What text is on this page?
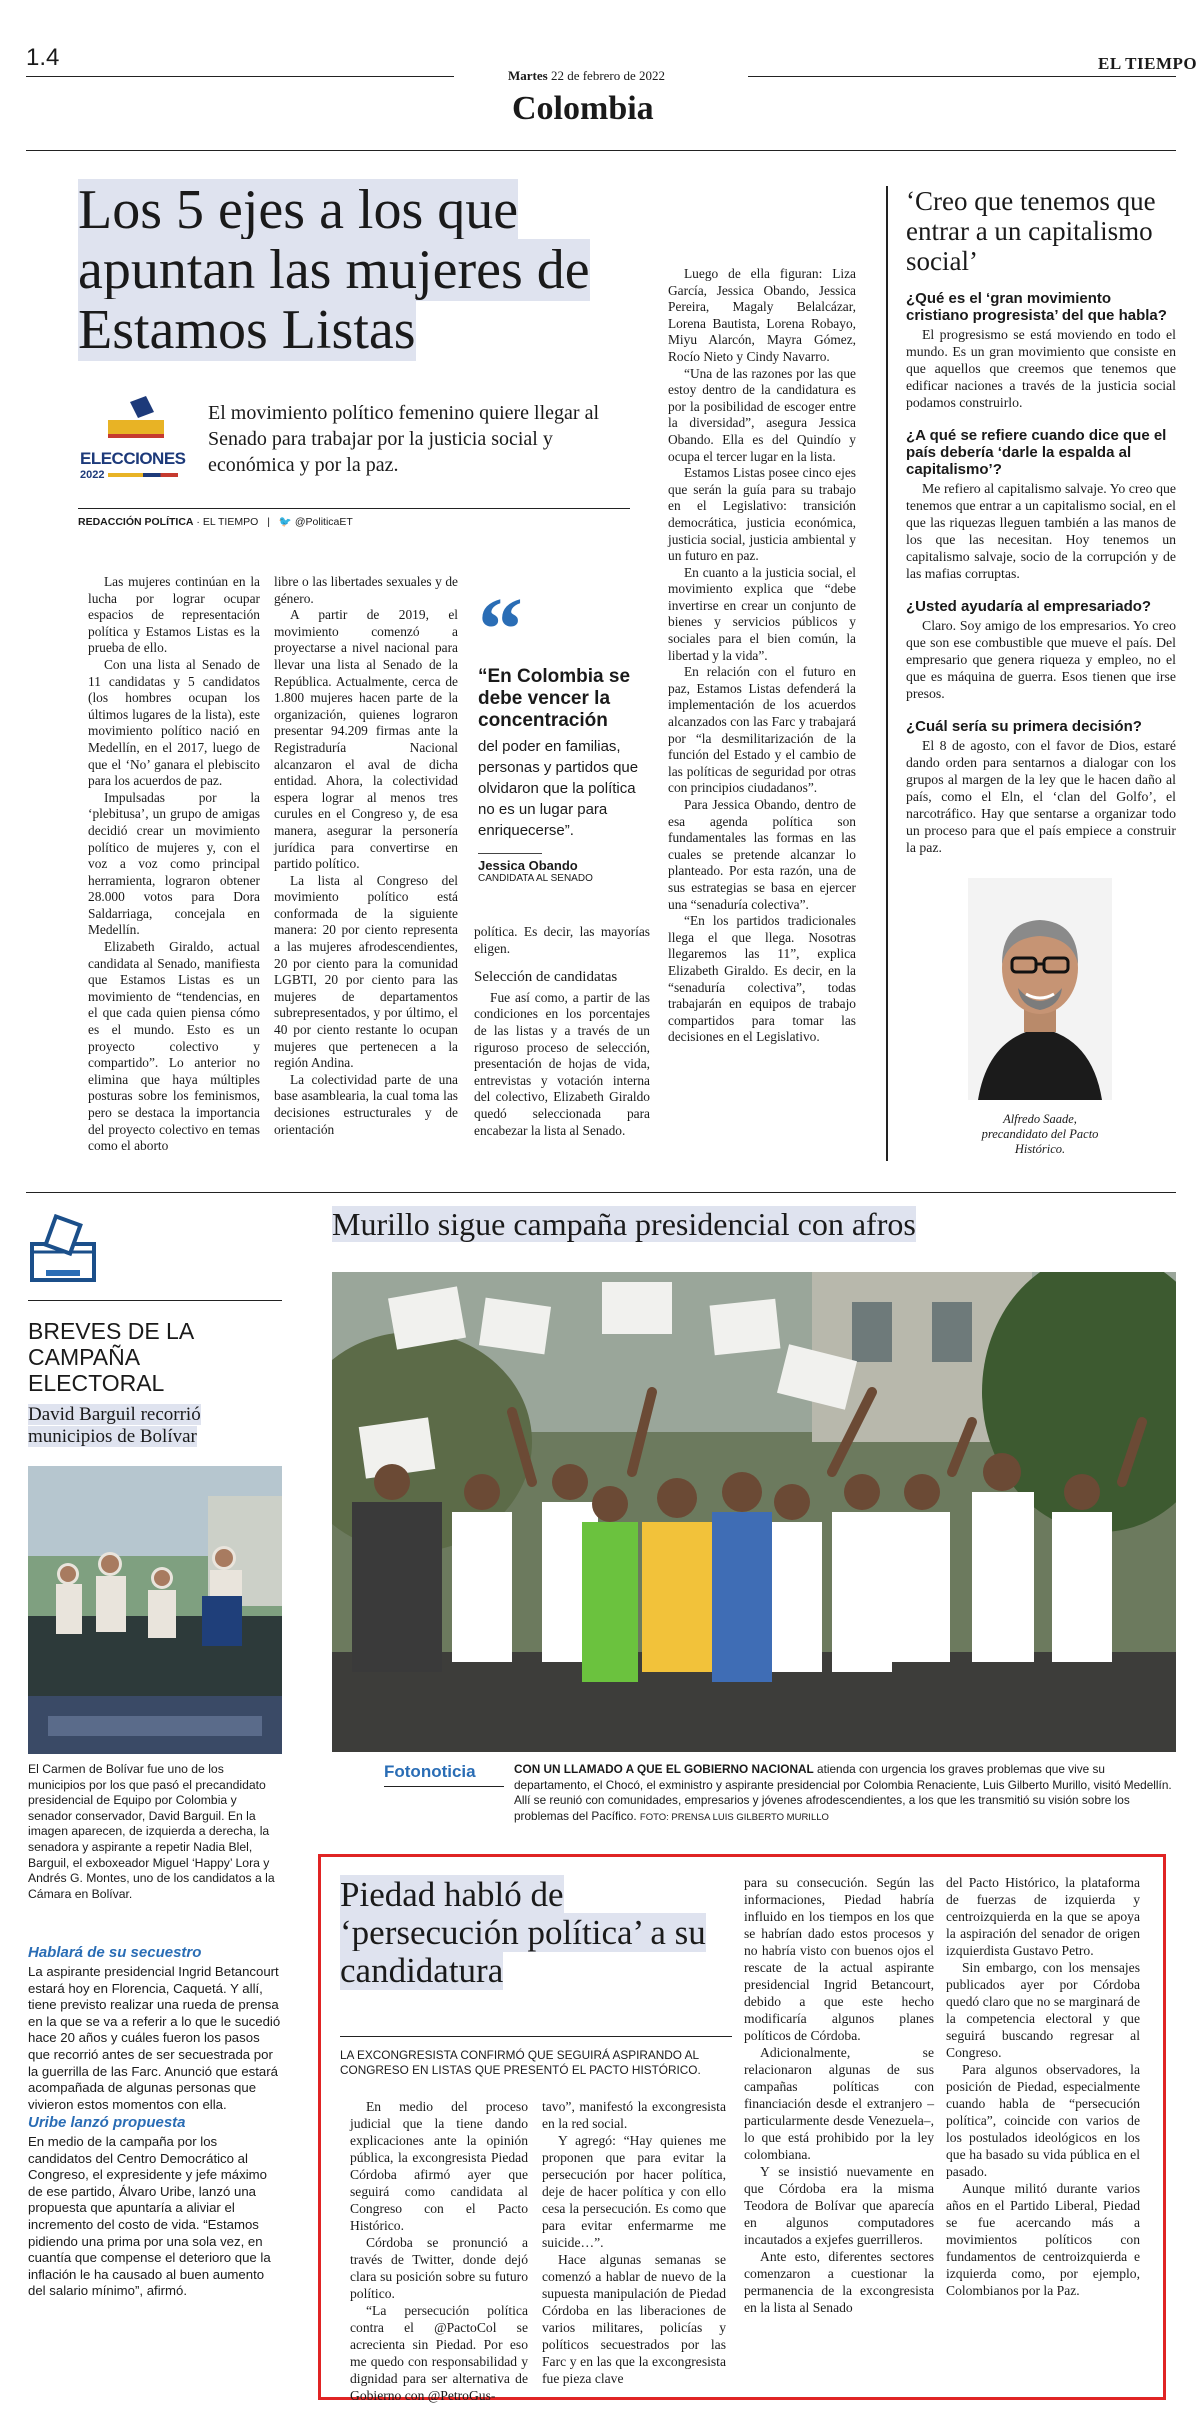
1.4
Martes 22 de febrero de 2022
EL TIEMPO
Colombia
Los 5 ejes a los que apuntan las mujeres de Estamos Listas
ELECCIONES
2022
El movimiento político femenino quiere llegar al Senado para trabajar por la justicia social y económica y por la paz.
REDACCIÓN POLÍTICA · EL TIEMPO | 🐦 @PoliticaET

Las mujeres continúan en la lucha por lograr ocupar espacios de representación política y Estamos Listas es la prueba de ello.

Con una lista al Senado de 11 candidatas y 5 candidatos (los hombres ocupan los últimos lugares de la lista), este movimiento político nació en Medellín, en el 2017, luego de que el ‘No’ ganara el plebiscito para los acuerdos de paz.

Impulsadas por la ‘plebitusa’, un grupo de amigas decidió crear un movimiento político de mujeres y, con el voz a voz como principal herramienta, lograron obtener 28.000 votos para Dora Saldarriaga, concejala en Medellín.

Elizabeth Giraldo, actual candidata al Senado, manifiesta que Estamos Listas es un movimiento de “tendencias, en el que cada quien piensa cómo es el mundo. Esto es un proyecto colectivo y compartido”. Lo anterior no elimina que haya múltiples posturas sobre los feminismos, pero se destaca la importancia del proyecto colectivo en temas como el aborto

libre o las libertades sexuales y de género.

A partir de 2019, el movimiento comenzó a proyectarse a nivel nacional para llevar una lista al Senado de la República. Actualmente, cerca de 1.800 mujeres hacen parte de la organización, quienes lograron presentar 94.209 firmas ante la Registraduría Nacional alcanzaron el aval de dicha entidad. Ahora, la colectividad espera lograr al menos tres curules en el Congreso y, de esa manera, asegurar la personería jurídica para convertirse en partido político.

La lista al Congreso del movimiento político está conformada de la siguiente manera: 20 por ciento representa a las mujeres afrodescendientes, 20 por ciento para la comunidad LGBTI, 20 por ciento para las mujeres de departamentos subrepresentados, y por último, el 40 por ciento restante lo ocupan mujeres que pertenecen a la región Andina.

La colectividad parte de una base asamblearia, la cual toma las decisiones estructurales y de orientación

“
“En Colombia se debe vencer la concentración
del poder en familias, personas y partidos que olvidaron que la política no es un lugar para enriquecerse”.
Jessica Obando
CANDIDATA AL SENADO

política. Es decir, las mayorías eligen.

Selección de candidatas

Fue así como, a partir de las condiciones en los porcentajes de las listas y a través de un riguroso proceso de selección, presentación de hojas de vida, entrevistas y votación interna del colectivo, Elizabeth Giraldo quedó seleccionada para encabezar la lista al Senado.

Luego de ella figuran: Liza García, Jessica Obando, Jessica Pereira, Magaly Belalcázar, Lorena Bautista, Lorena Robayo, Miyu Alarcón, Mayra Gómez, Rocío Nieto y Cindy Navarro.

“Una de las razones por las que estoy dentro de la candidatura es por la posibilidad de escoger entre la diversidad”, asegura Jessica Obando. Ella es del Quindío y ocupa el tercer lugar en la lista.

Estamos Listas posee cinco ejes que serán la guía para su trabajo en el Legislativo: transición democrática, justicia económica, justicia social, justicia ambiental y un futuro en paz.

En cuanto a la justicia social, el movimiento explica que “debe invertirse en crear un conjunto de bienes y servicios públicos y sociales para el bien común, la libertad y la vida”.

En relación con el futuro en paz, Estamos Listas defenderá la implementación de los acuerdos alcanzados con las Farc y trabajará por “la desmilitarización de la función del Estado y el cambio de las políticas de seguridad por otras con principios ciudadanos”.

Para Jessica Obando, dentro de esa agenda política son fundamentales las formas en las cuales se pretende alcanzar lo planteado. Por esta razón, una de sus estrategias se basa en ejercer una “senaduría colectiva”.

“En los partidos tradicionales llega el que llega. Nosotras llegaremos las 11”, explica Elizabeth Giraldo. Es decir, en la “senaduría colectiva”, todas trabajarán en equipos de trabajo compartidos para tomar las decisiones en el Legislativo.

‘Creo que tenemos que entrar a un capitalismo social’
¿Qué es el ‘gran movimiento cristiano progresista’ del que habla?

El progresismo se está moviendo en todo el mundo. Es un gran movimiento que consiste en que aquellos que creemos que tenemos que edificar naciones a través de la justicia social podamos construirlo.

¿A qué se refiere cuando dice que el país debería ‘darle la espalda al capitalismo’?

Me refiero al capitalismo salvaje. Yo creo que tenemos que entrar a un capitalismo social, en el que las riquezas lleguen también a las manos de los que las necesitan. Hoy tenemos un capitalismo salvaje, socio de la corrupción y de las mafias corruptas.

¿Usted ayudaría al empresariado?

Claro. Soy amigo de los empresarios. Yo creo que son ese combustible que mueve el país. Del empresario que genera riqueza y empleo, no el que es máquina de guerra. Esos tienen que irse presos.

¿Cuál sería su primera decisión?

El 8 de agosto, con el favor de Dios, estaré dando orden para sentarnos a dialogar con los grupos al margen de la ley que le hacen daño al país, como el Eln, el ‘clan del Golfo’, el narcotráfico. Hay que sentarse a organizar todo un proceso para que el país empiece a construir la paz.

Alfredo Saade, precandidato del Pacto Histórico.
BREVES DE LA CAMPAÑA ELECTORAL
David Barguil recorrió municipios de Bolívar
El Carmen de Bolívar fue uno de los municipios por los que pasó el precandidato presidencial de Equipo por Colombia y senador conservador, David Barguil. En la imagen aparecen, de izquierda a derecha, la senadora y aspirante a repetir Nadia Blel, Barguil, el exboxeador Miguel ‘Happy’ Lora y Andrés G. Montes, uno de los candidatos a la Cámara en Bolívar.
Hablará de su secuestro
La aspirante presidencial Ingrid Betancourt estará hoy en Florencia, Caquetá. Y allí, tiene previsto realizar una rueda de prensa en la que se va a referir a lo que le sucedió hace 20 años y cuáles fueron los pasos que recorrió antes de ser secuestrada por la guerrilla de las Farc. Anunció que estará acompañada de algunas personas que vivieron estos momentos con ella.
Uribe lanzó propuesta
En medio de la campaña por los candidatos del Centro Democrático al Congreso, el expresidente y jefe máximo de ese partido, Álvaro Uribe, lanzó una propuesta que apuntaría a aliviar el incremento del costo de vida. “Estamos pidiendo una prima por una sola vez, en cuantía que compense el deterioro que la inflación le ha causado al buen aumento del salario mínimo”, afirmó.
Murillo sigue campaña presidencial con afros
Fotonoticia	CON UN LLAMADO A QUE EL GOBIERNO NACIONAL atienda con urgencia los graves problemas que vive su departamento, el Chocó, el exministro y aspirante presidencial por Colombia Renaciente, Luis Gilberto Murillo, visitó Medellín. Allí se reunió con comunidades, empresarios y jóvenes afrodescendientes, a los que les transmitió su visión sobre los problemas del Pacífico. FOTO: PRENSA LUIS GILBERTO MURILLO
Piedad habló de ‘persecución política’ a su candidatura
LA EXCONGRESISTA CONFIRMÓ QUE SEGUIRÁ ASPIRANDO AL CONGRESO EN LISTAS QUE PRESENTÓ EL PACTO HISTÓRICO.

En medio del proceso judicial que la tiene dando explicaciones ante la opinión pública, la excongresista Piedad Córdoba afirmó ayer que seguirá como candidata al Congreso con el Pacto Histórico.

Córdoba se pronunció a través de Twitter, donde dejó clara su posición sobre su futuro político.

“La persecución política contra el @PactoCol se acrecienta sin Piedad. Por eso me quedo con responsabilidad y dignidad para ser alternativa de Gobierno con @PetroGus-

tavo”, manifestó la excongresista en la red social.

Y agregó: “Hay quienes me proponen que para evitar la persecución por hacer política, deje de hacer política y con ello cesa la persecución. Es como que para evitar enfermarme me suicide…”.

Hace algunas semanas se comenzó a hablar de nuevo de la supuesta manipulación de Piedad Córdoba en las liberaciones de varios militares, policías y políticos secuestrados por las Farc y en las que la excongresista fue pieza clave

para su consecución. Según las informaciones, Piedad habría influido en los tiempos en los que se habrían dado estos procesos y no habría visto con buenos ojos el rescate de la actual aspirante presidencial Ingrid Betancourt, debido a que este hecho modificaría algunos planes políticos de Córdoba.

Adicionalmente, se relacionaron algunas de sus campañas políticas con financiación desde el extranjero –particularmente desde Venezuela–, lo que está prohibido por la ley colombiana.

Y se insistió nuevamente en que Córdoba era la misma Teodora de Bolívar que aparecía en algunos computadores incautados a exjefes guerrilleros.

Ante esto, diferentes sectores comenzaron a cuestionar la permanencia de la excongresista en la lista al Senado

del Pacto Histórico, la plataforma de fuerzas de izquierda y centroizquierda en la que se apoya la aspiración del senador de origen izquierdista Gustavo Petro.

Sin embargo, con los mensajes publicados ayer por Córdoba quedó claro que no se marginará de la competencia electoral y que seguirá buscando regresar al Congreso.

Para algunos observadores, la posición de Piedad, especialmente cuando habla de “persecución política”, coincide con varios de los postulados ideológicos en los que ha basado su vida pública en el pasado.

Aunque militó durante varios años en el Partido Liberal, Piedad se fue acercando más a movimientos políticos con fundamentos de centroizquierda e izquierda como, por ejemplo, Colombianos por la Paz.
